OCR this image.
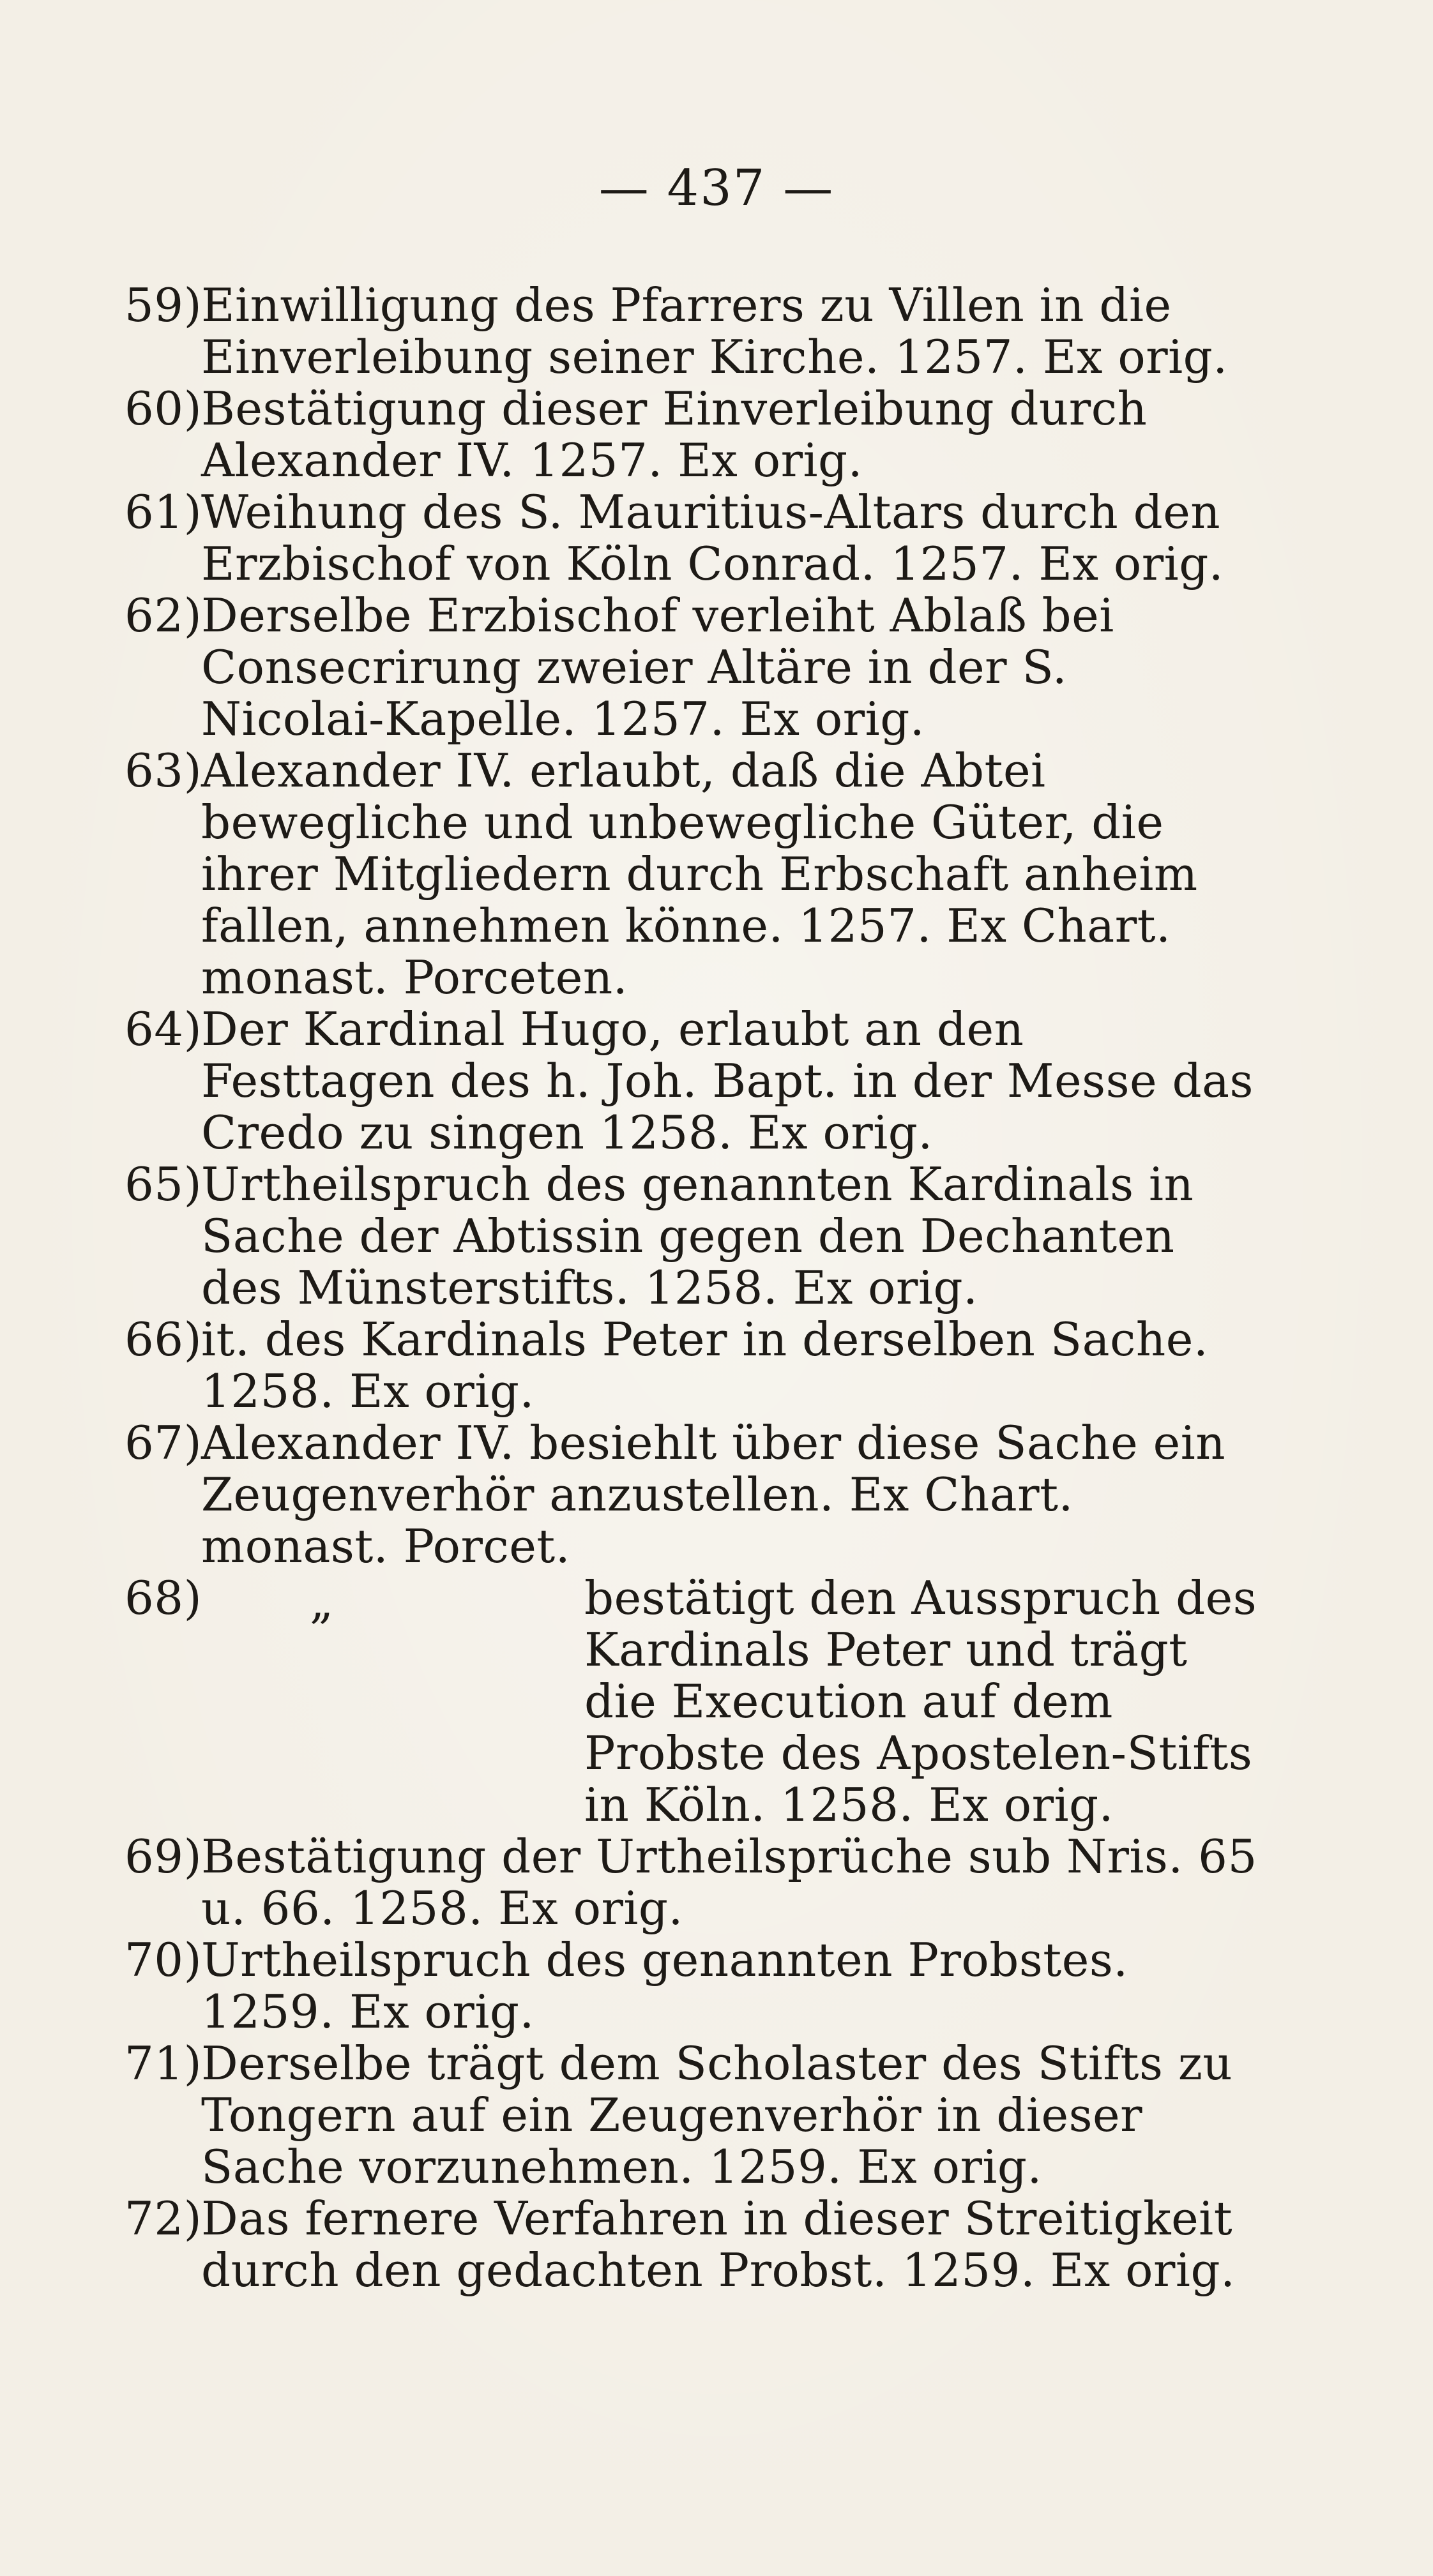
— 437 —

59)Einwilligung des Pfarrers zu Villen in die Einverleibung seiner Kirche. 1257. Ex orig.

60)Bestätigung dieser Einverleibung durch Alexander IV. 1257. Ex orig.

61)Weihung des S. Mauritius-Altars durch den Erzbischof von Köln Conrad. 1257. Ex orig.

62)Derselbe Erzbischof verleiht Ablaß bei Consecrirung zweier Altäre in der S. Nicolai-Kapelle. 1257. Ex orig.

63)Alexander IV. erlaubt, daß die Abtei bewegliche und unbewegliche Güter, die ihrer Mitgliedern durch Erbschaft anheim fallen, annehmen könne. 1257. Ex Chart. monast. Porceten.

64)Der Kardinal Hugo, erlaubt an den Festtagen des h. Joh. Bapt. in der Messe das Credo zu singen 1258. Ex orig.

65)Urtheilspruch des genannten Kardinals in Sache der Abtissin gegen den Dechanten des Münsterstifts. 1258. Ex orig.

66)it. des Kardinals Peter in derselben Sache. 1258. Ex orig.

67)Alexander IV. besiehlt über diese Sache ein Zeugenverhör anzustellen. Ex Chart. monast. Porcet.

68) „	bestätigt den Ausspruch des Kardinals Peter und trägt die Execution auf dem Probste des Apostelen-Stifts in Köln. 1258. Ex orig.

69)Bestätigung der Urtheilsprüche sub Nris. 65 u. 66. 1258. Ex orig.

70)Urtheilspruch des genannten Probstes. 1259. Ex orig.

71)Derselbe trägt dem Scholaster des Stifts zu Tongern auf ein Zeugenverhör in dieser Sache vorzunehmen. 1259. Ex orig.

72)Das fernere Verfahren in dieser Streitigkeit durch den gedachten Probst. 1259. Ex orig.
